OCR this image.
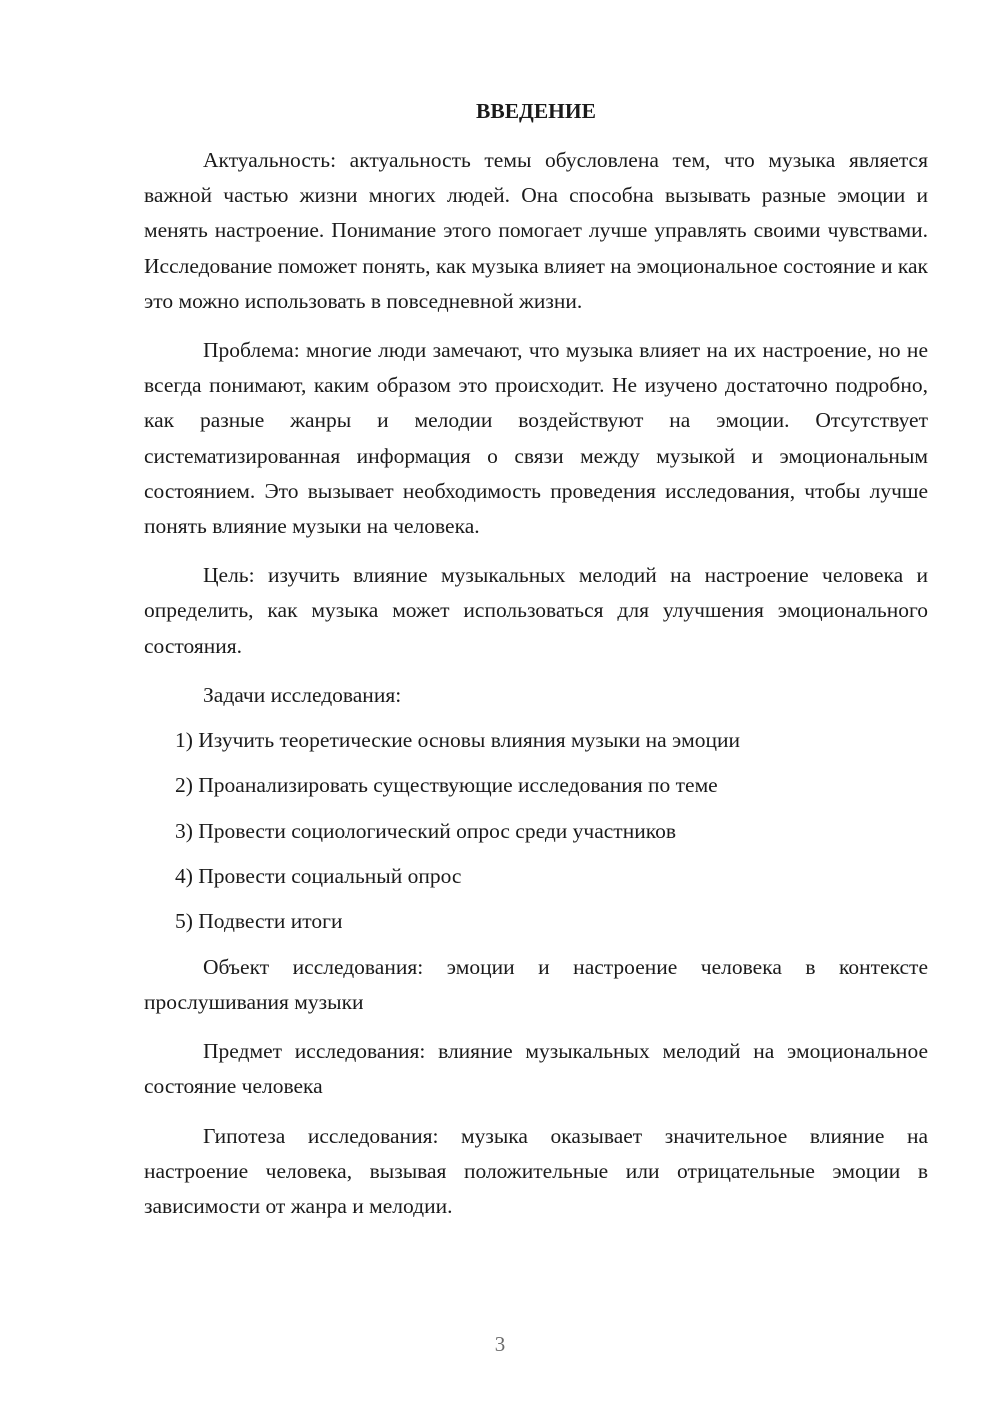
ВВЕДЕНИЕ

Актуальность: актуальность темы обусловлена тем, что музыка является важной частью жизни многих людей. Она способна вызывать разные эмоции и менять настроение. Понимание этого помогает лучше управлять своими чувствами. Исследование поможет понять, как музыка влияет на эмоциональное состояние и как это можно использовать в повседневной жизни.

Проблема: многие люди замечают, что музыка влияет на их настроение, но не всегда понимают, каким образом это происходит. Не изучено достаточно подробно, как разные жанры и мелодии воздействуют на эмоции. Отсутствует систематизированная информация о связи между музыкой и эмоциональным состоянием. Это вызывает необходимость проведения исследования, чтобы лучше понять влияние музыки на человека.

Цель: изучить влияние музыкальных мелодий на настроение человека и определить, как музыка может использоваться для улучшения эмоционального состояния.

Задачи исследования:

1) Изучить теоретические основы влияния музыки на эмоции
2) Проанализировать существующие исследования по теме
3) Провести социологический опрос среди участников
4) Провести социальный опрос
5) Подвести итоги

Объект исследования: эмоции и настроение человека в контексте прослушивания музыки

Предмет исследования: влияние музыкальных мелодий на эмоциональное состояние человека

Гипотеза исследования: музыка оказывает значительное влияние на настроение человека, вызывая положительные или отрицательные эмоции в зависимости от жанра и мелодии.

3
